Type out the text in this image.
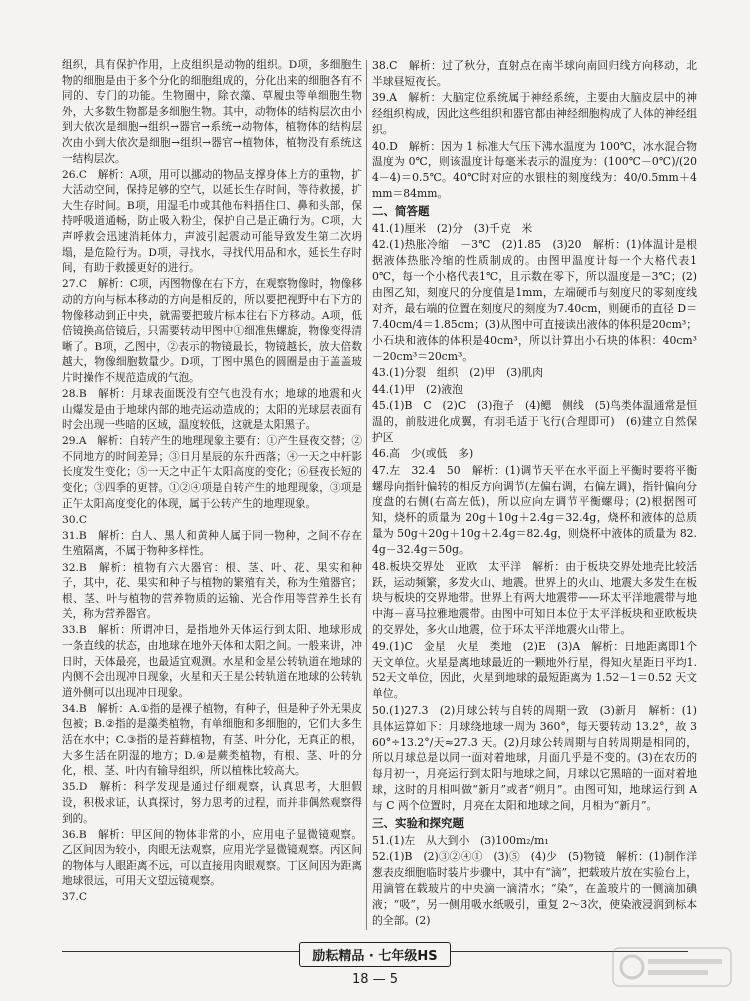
组织，具有保护作用，上皮组织是动物的组织。D项，多细胞生物的细胞是由于多个分化的细胞组成的，分化出来的细胞各有不同的、专门的功能。生物圈中，除衣藻、草履虫等单细胞生物外，大多数生物都是多细胞生物。其中，动物体的结构层次由小到大依次是细胞→组织→器官→系统→动物体，植物体的结构层次由小到大依次是细胞→组织→器官→植物体，植物没有系统这一结构层次。
26.C　解析：A项，用可以挪动的物品支撑身体上方的重物，扩大活动空间，保持足够的空气，以延长生存时间，等待救援，扩大生存时间。B项，用湿毛巾或其他布料捂住口、鼻和头部，保持呼吸道通畅，防止吸入粉尘，保护自己是正确行为。C项，大声呼救会迅速消耗体力，声波引起震动可能导致发生第二次坍塌，是危险行为。D项，寻找水，寻找代用品和水，延长生存时间，有助于救援更好的进行。
27.C　解析：C项，丙图物像在右下方，在观察物像时，物像移动的方向与标本移动的方向是相反的，所以要把视野中右下方的物像移动到正中央，就需要把玻片标本往右下方移动。A项，低倍镜换高倍镜后，只需要转动甲图中①细准焦螺旋，物像变得清晰了。B项，乙图中，②表示的物镜最长，物镜越长，放大倍数越大，物像细胞数量少。D项，丁图中黑色的圆圈是由于盖盖玻片时操作不规范造成的气泡。
28.B　解析：月球表面既没有空气也没有水；地球的地震和火山爆发是由于地球内部的地壳运动造成的；太阳的光球层表面有时会出现一些暗的区域，温度较低，这就是太阳黑子。
29.A　解析：自转产生的地理现象主要有：①产生昼夜交替；②不同地方的时间差异；③日月星辰的东升西落；④一天之中杆影长度发生变化；⑤一天之中正午太阳高度的变化；⑥昼夜长短的变化；③四季的更替。①②④项是自转产生的地理现象，③项是正午太阳高度变化的体现，属于公转产生的地理现象。
30.C
31.B　解析：白人、黑人和黄种人属于同一物种，之间不存在生殖隔离，不属于物种多样性。
32.B　解析：植物有六大器官：根、茎、叶、花、果实和种子，其中，花、果实和种子与植物的繁殖有关，称为生殖器官；根、茎、叶与植物的营养物质的运输、光合作用等营养生长有关，称为营养器官。
33.B　解析：所谓冲日，是指地外天体运行到太阳、地球形成一条直线的状态，由地球在地外天体和太阳之间。一般来讲，冲日时，天体最亮，也最适宜观测。水星和金星公转轨道在地球的内侧不会出现冲日现象，火星和天王星公转轨道在地球的公转轨道外侧可以出现冲日现象。
34.B　解析：A.①指的是裸子植物，有种子，但是种子外无果皮包被；B.②指的是藻类植物，有单细胞和多细胞的，它们大多生活在水中；C.③指的是苔藓植物，有茎、叶分化，无真正的根，大多生活在阴湿的地方；D.④是蕨类植物，有根、茎、叶的分化，根、茎、叶内有输导组织，所以植株比较高大。
35.D　解析：科学发现是通过仔细观察，认真思考，大胆假设，积极求证，认真探讨，努力思考的过程，而并非偶然观察得到的。
36.B　解析：甲区间的物体非常的小，应用电子显微镜观察。乙区间因为较小，肉眼无法观察，应用光学显微镜观察。丙区间的物体与人眼距离不远，可以直接用肉眼观察。丁区间因为距离地球很远，可用天文望远镜观察。
37.C
38.C　解析：过了秋分，直射点在南半球向南回归线方向移动，北半球昼短夜长。
39.A　解析：大脑定位系统属于神经系统，主要由大脑皮层中的神经组织构成，因此这些组织和器官都由神经细胞构成了人体的神经组织。
40.D　解析：因为 1 标准大气压下沸水温度为 100℃，冰水混合物温度为 0℃，则该温度计每毫米表示的温度为：(100℃－0℃)/(204－4)＝0.5℃。40℃时对应的水银柱的刻度线为：40/0.5mm＋4mm＝84mm。
二、简答题
41.(1)厘米　(2)分　(3)千克　米
42.(1)热胀冷缩　－3℃　(2)1.85　(3)20　解析：(1)体温计是根据液体热胀冷缩的性质制成的。由图甲温度计每一个大格代表10℃，每一个小格代表1℃，且示数在零下，所以温度是－3℃；(2)由图乙知，刻度尺的分度值是1mm，左端硬币与刻度尺的零刻度线对齐，最右端的位置在刻度尺的刻度为7.40cm，则硬币的直径 D＝7.40cm/4＝1.85cm；(3)从图中可直接读出液体的体积是20cm³；小石块和液体的体积是40cm³，所以计算出小石块的体积：40cm³－20cm³＝20cm³。
43.(1)分裂　组织　(2)甲　(3)肌肉
44.(1)甲　(2)液泡
45.(1)B　C　(2)C　(3)孢子　(4)鳃　侧线　(5)鸟类体温通常是恒温的，前肢进化成翼，有羽毛适于飞行(合理即可)　(6)建立自然保护区
46.高　少(或低　多)
47.左　32.4　50　解析：(1)调节天平在水平面上平衡时要将平衡螺母向指针偏转的相反方向调节(左偏右调，右偏左调)，指针偏向分度盘的右侧(右高左低)，所以应向左调节平衡螺母；(2)根据图可知，烧杯的质量为 20g＋10g＋2.4g＝32.4g，烧杯和液体的总质量为 50g＋20g＋10g＋2.4g＝82.4g，则烧杯中液体的质量为 82.4g－32.4g＝50g。
48.板块交界处　亚欧　太平洋　解析：由于板块交界处地壳比较活跃，运动频繁，多发火山、地震。世界上的火山、地震大多发生在板块与板块的交界地带。世界上有两大地震带——环太平洋地震带与地中海－喜马拉雅地震带。由图中可知日本位于太平洋板块和亚欧板块的交界处，多火山地震，位于环太平洋地震火山带上。
49.(1)C　金星　火星　类地　(2)E　(3)A　解析：日地距离即1个天文单位。火星是离地球最近的一颗地外行星，得知火星距日平均1.52天文单位，因此，火星到地球的最短距离为 1.52－1＝0.52 天文单位。
50.(1)27.3　(2)月球公转与自转的周期一致　(3)新月　解析：(1)具体运算如下：月球绕地球一周为 360°，每天要转动 13.2°，故 360°÷13.2°/天≈27.3 天。(2)月球公转周期与自转周期是相同的，所以月球总是以同一面对着地球，月面几乎是不变的。(3)在农历的每月初一，月亮运行到太阳与地球之间，月球以它黑暗的一面对着地球，这时的月相叫做“新月”或者“朔月”。由图可知，地球运行到 A 与 C 两个位置时，月亮在太阳和地球之间，月相为“新月”。
三、实验和探究题
51.(1)左　从大到小　(3)100m₂/m₁
52.(1)B　(2)③②④①　(3)⑤　(4)少　(5)物镜　解析：(1)制作洋葱表皮细胞临时装片步骤中，其中有“滴”，把载玻片放在实验台上，用滴管在载玻片的中央滴一滴清水；“染”，在盖玻片的一侧滴加碘液；“吸”，另一侧用吸水纸吸引，重复 2～3次，使染液浸润到标本的全部。(2)
励耘精品 · 七年级HS
18 — 5
